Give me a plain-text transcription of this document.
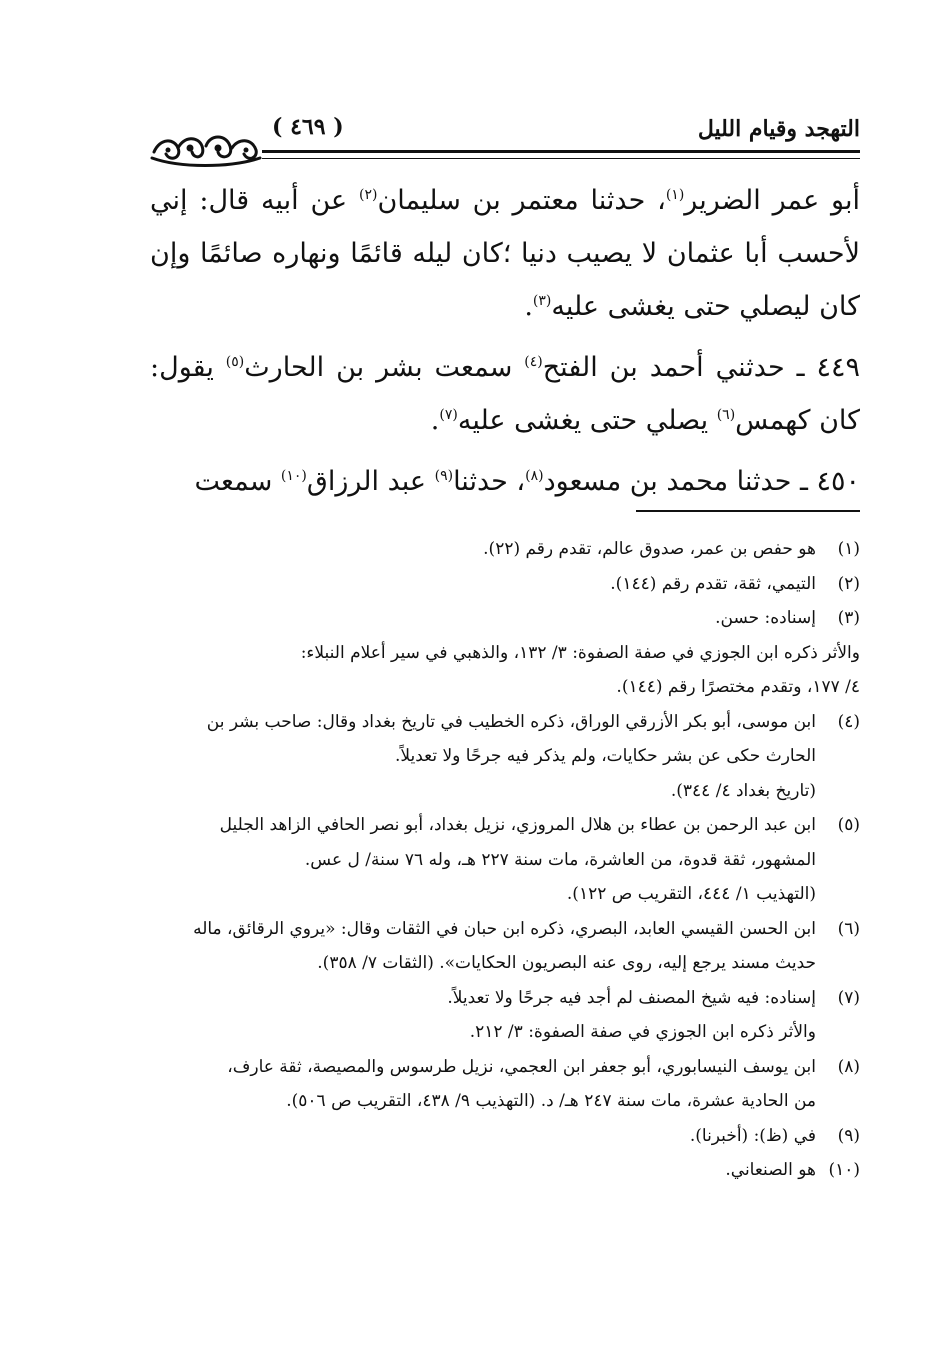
التهجد وقيام الليل
( ٤٦٩ )

أبو عمر الضرير$^{(١)}$، حدثنا معتمر بن سليمان$^{(٢)}$ عن أبيه قال: إني لأحسب أبا عثمان لا يصيب دنيا ؛كان ليله قائمًا ونهاره صائمًا وإن كان ليصلي حتى يغشى عليه$^{(٣)}$.

٤٤٩ ـ حدثني أحمد بن الفتح$^{(٤)}$ سمعت بشر بن الحارث$^{(٥)}$ يقول: كان كهمس$^{(٦)}$ يصلي حتى يغشى عليه$^{(٧)}$.

٤٥٠ ـ حدثنا محمد بن مسعود$^{(٨)}$، حدثنا$^{(٩)}$ عبد الرزاق$^{(١٠)}$ سمعت

(١)
هو حفص بن عمر، صدوق عالم، تقدم رقم (٢٢).
(٢)
التيمي، ثقة، تقدم رقم (١٤٤).
(٣)
إسناده: حسن.
والأثر ذكره ابن الجوزي في صفة الصفوة: ٣/ ١٣٢، والذهبي في سير أعلام النبلاء:
٤/ ١٧٧، وتقدم مختصرًا رقم (١٤٤).
(٤)
ابن موسى، أبو بكر الأزرقي الوراق، ذكره الخطيب في تاريخ بغداد وقال: صاحب بشر بن
الحارث حكى عن بشر حكايات، ولم يذكر فيه جرحًا ولا تعديلاً.
(تاريخ بغداد ٤/ ٣٤٤).
(٥)
ابن عبد الرحمن بن عطاء بن هلال المروزي، نزيل بغداد، أبو نصر الحافي الزاهد الجليل
المشهور، ثقة قدوة، من العاشرة، مات سنة ٢٢٧ هـ، وله ٧٦ سنة/ ل عس.
(التهذيب ١/ ٤٤٤، التقريب ص ١٢٢).
(٦)
ابن الحسن القيسي العابد، البصري، ذكره ابن حبان في الثقات وقال: «يروي الرقائق، ماله
حديث مسند يرجع إليه، روى عنه البصريون الحكايات». (الثقات ٧/ ٣٥٨).
(٧)
إسناده: فيه شيخ المصنف لم أجد فيه جرحًا ولا تعديلاً.
والأثر ذكره ابن الجوزي في صفة الصفوة: ٣/ ٢١٢.
(٨)
ابن يوسف النيسابوري، أبو جعفر ابن العجمي، نزيل طرسوس والمصيصة، ثقة عارف،
من الحادية عشرة، مات سنة ٢٤٧ هـ/ د. (التهذيب ٩/ ٤٣٨، التقريب ص ٥٠٦).
(٩)
في (ظ): (أخبرنا).
(١٠)
هو الصنعاني.
